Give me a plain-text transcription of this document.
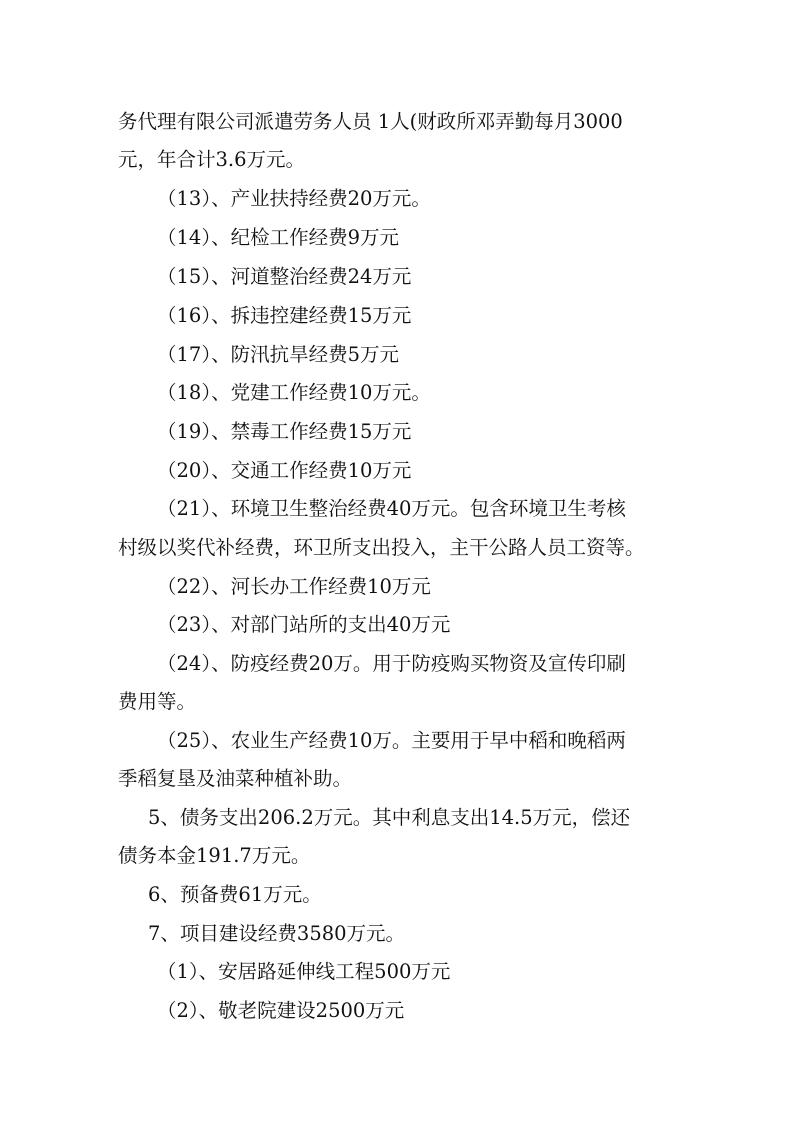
务代理有限公司派遣劳务人员 1人(财政所邓弄勤每月3000
元，年合计3.6万元。
（13）、产业扶持经费20万元。
（14）、纪检工作经费9万元
（15）、河道整治经费24万元
（16）、拆违控建经费15万元
（17）、防汛抗旱经费5万元
（18）、党建工作经费10万元。
（19）、禁毒工作经费15万元
（20）、交通工作经费10万元
（21）、环境卫生整治经费40万元。包含环境卫生考核
村级以奖代补经费，环卫所支出投入，主干公路人员工资等。
（22）、河长办工作经费10万元
（23）、对部门站所的支出40万元
（24）、防疫经费20万。用于防疫购买物资及宣传印刷
费用等。
（25）、农业生产经费10万。主要用于早中稻和晚稻两
季稻复垦及油菜种植补助。
5、债务支出206.2万元。其中利息支出14.5万元，偿还
债务本金191.7万元。
6、预备费61万元。
7、项目建设经费3580万元。
（1）、安居路延伸线工程500万元
（2）、敬老院建设2500万元
